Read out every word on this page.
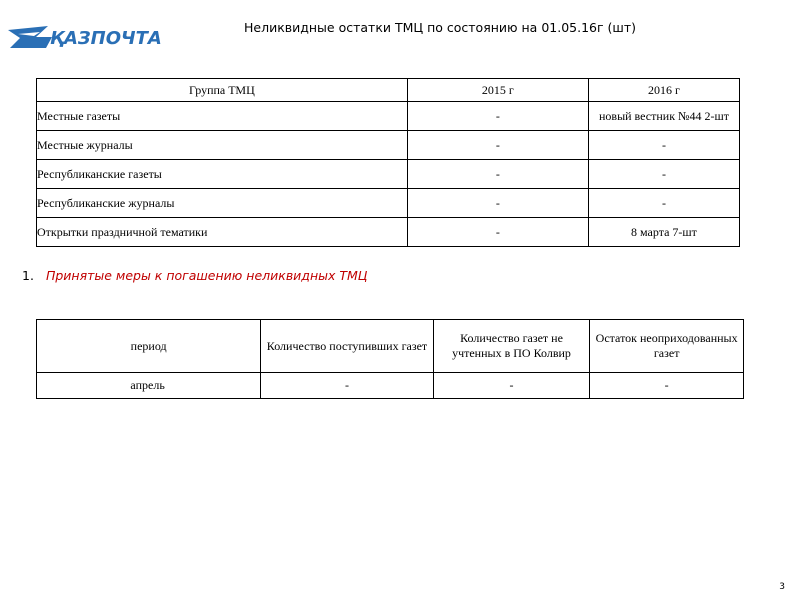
ҚАЗПОЧТА
Неликвидные остатки ТМЦ по состоянию на 01.05.16г (шт)
Группа ТМЦ	2015 г	2016 г
Местные газеты	-	новый вестник №44 2-шт
Местные журналы	-	-
Республиканские газеты	-	-
Республиканские журналы	-	-
Открытки праздничной тематики	-	8 марта 7-шт
1. Принятые меры к погашению неликвидных ТМЦ
период	Количество поступивших газет	Количество газет не учтенных в ПО Колвир	Остаток неоприходованных газет
апрель	-	-	-
3
